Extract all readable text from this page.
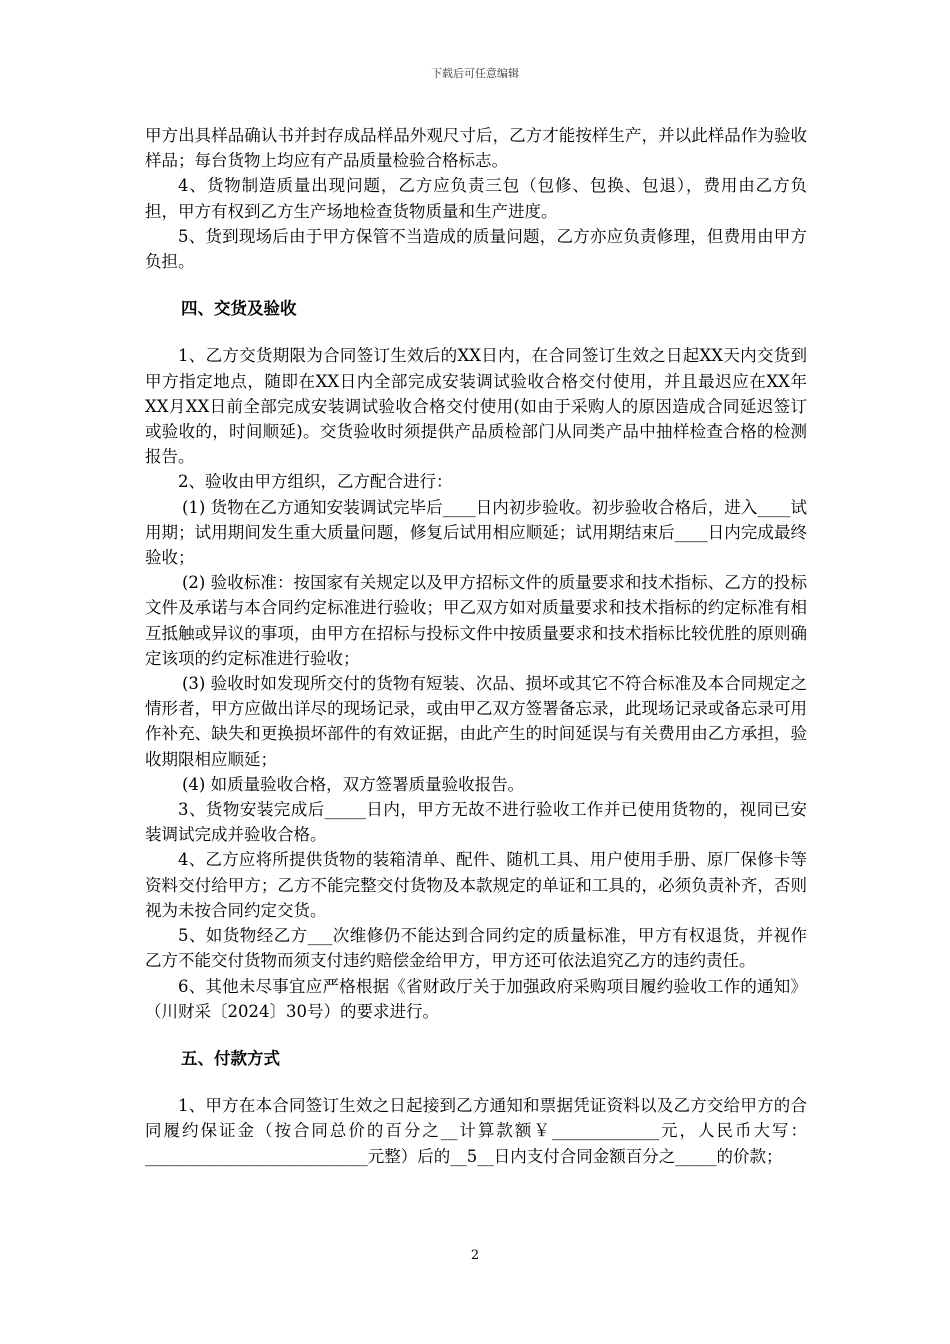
下载后可任意编辑

甲方出具样品确认书并封存成品样品外观尺寸后，乙方才能按样生产，并以此样品作为验收样品；每台货物上均应有产品质量检验合格标志。

4、货物制造质量出现问题，乙方应负责三包（包修、包换、包退），费用由乙方负担，甲方有权到乙方生产场地检查货物质量和生产进度。

5、货到现场后由于甲方保管不当造成的质量问题，乙方亦应负责修理，但费用由甲方负担。

四、交货及验收

1、乙方交货期限为合同签订生效后的XX日内，在合同签订生效之日起XX天内交货到甲方指定地点，随即在XX日内全部完成安装调试验收合格交付使用，并且最迟应在XX年XX月XX日前全部完成安装调试验收合格交付使用(如由于采购人的原因造成合同延迟签订或验收的，时间顺延)。交货验收时须提供产品质检部门从同类产品中抽样检查合格的检测报告。

2、验收由甲方组织，乙方配合进行：

(1) 货物在乙方通知安装调试完毕后____日内初步验收。初步验收合格后，进入____试用期；试用期间发生重大质量问题，修复后试用相应顺延；试用期结束后____日内完成最终验收；

(2) 验收标准：按国家有关规定以及甲方招标文件的质量要求和技术指标、乙方的投标文件及承诺与本合同约定标准进行验收；甲乙双方如对质量要求和技术指标的约定标准有相互抵触或异议的事项，由甲方在招标与投标文件中按质量要求和技术指标比较优胜的原则确定该项的约定标准进行验收；

(3) 验收时如发现所交付的货物有短装、次品、损坏或其它不符合标准及本合同规定之情形者，甲方应做出详尽的现场记录，或由甲乙双方签署备忘录，此现场记录或备忘录可用作补充、缺失和更换损坏部件的有效证据，由此产生的时间延误与有关费用由乙方承担，验收期限相应顺延；

(4) 如质量验收合格，双方签署质量验收报告。

3、货物安装完成后_____日内，甲方无故不进行验收工作并已使用货物的，视同已安装调试完成并验收合格。

4、乙方应将所提供货物的装箱清单、配件、随机工具、用户使用手册、原厂保修卡等资料交付给甲方；乙方不能完整交付货物及本款规定的单证和工具的，必须负责补齐，否则视为未按合同约定交货。

5、如货物经乙方___次维修仍不能达到合同约定的质量标准，甲方有权退货，并视作乙方不能交付货物而须支付违约赔偿金给甲方，甲方还可依法追究乙方的违约责任。

6、其他未尽事宜应严格根据《省财政厅关于加强政府采购项目履约验收工作的通知》（川财采〔2024〕30号）的要求进行。

五、付款方式

1、甲方在本合同签订生效之日起接到乙方通知和票据凭证资料以及乙方交给甲方的合同履约保证金（按合同总价的百分之__计算款额￥_____________元，人民币大写：___________________________元整）后的__5__日内支付合同金额百分之_____的价款；

2
